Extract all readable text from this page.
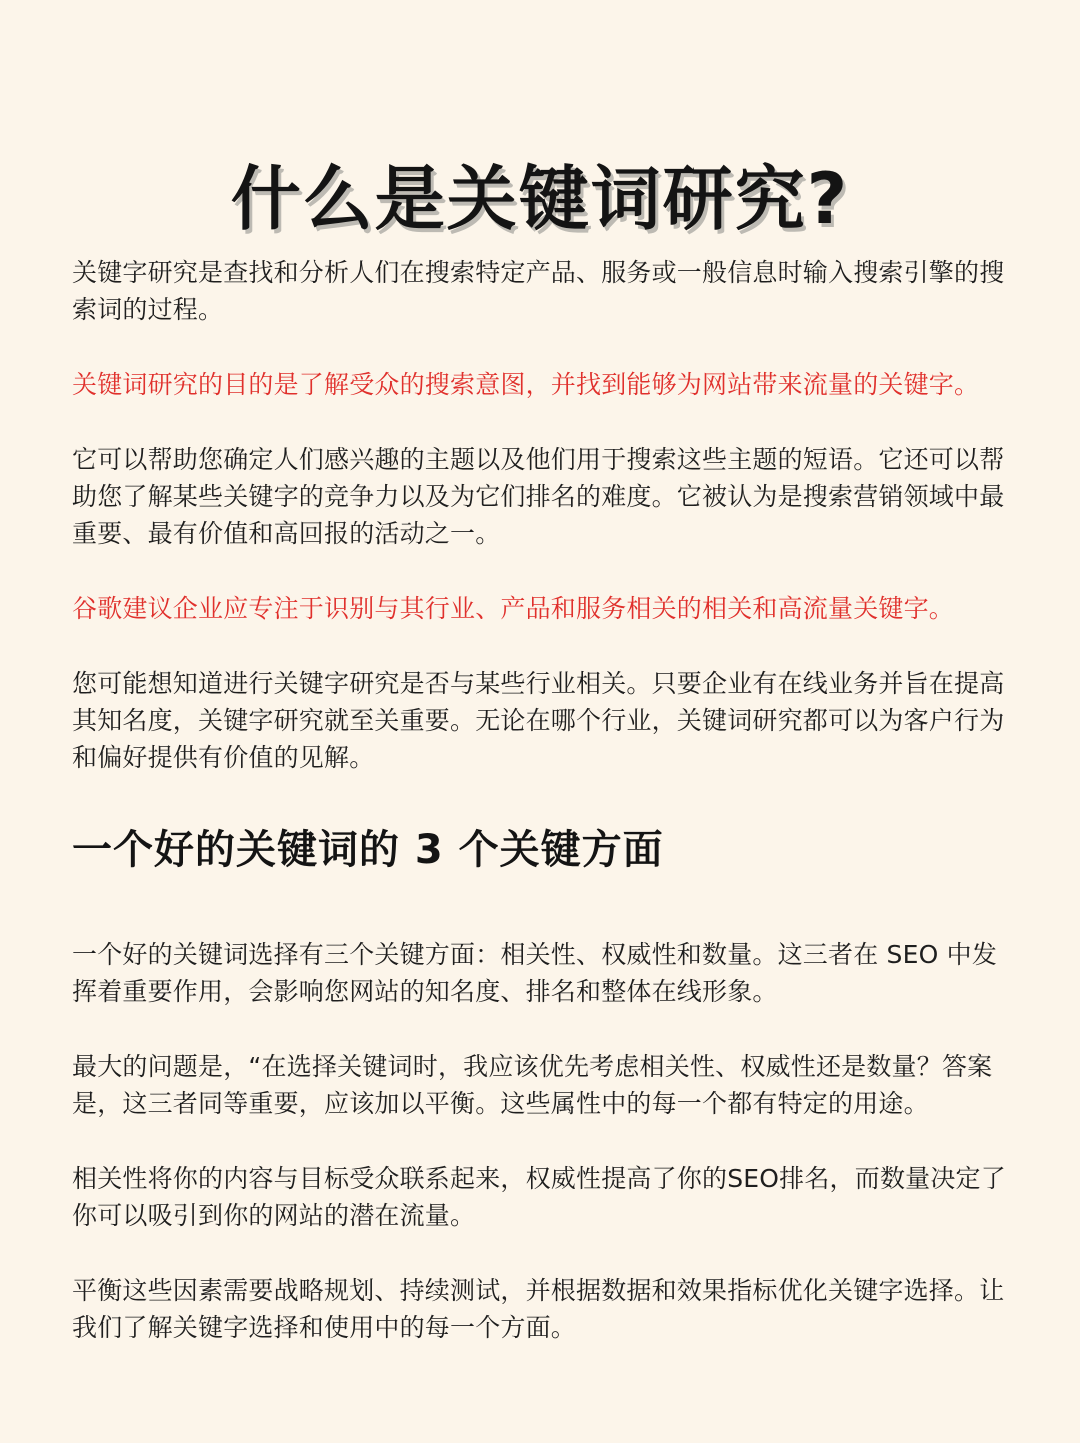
什么是关键词研究?

关键字研究是查找和分析人们在搜索特定产品、服务或一般信息时输入搜索引擎的搜索词的过程。

关键词研究的目的是了解受众的搜索意图，并找到能够为网站带来流量的关键字。

它可以帮助您确定人们感兴趣的主题以及他们用于搜索这些主题的短语。它还可以帮助您了解某些关键字的竞争力以及为它们排名的难度。它被认为是搜索营销领域中最重要、最有价值和高回报的活动之一。

谷歌建议企业应专注于识别与其行业、产品和服务相关的相关和高流量关键字。

您可能想知道进行关键字研究是否与某些行业相关。只要企业有在线业务并旨在提高其知名度，关键字研究就至关重要。无论在哪个行业，关键词研究都可以为客户行为和偏好提供有价值的见解。

一个好的关键词的 3 个关键方面

一个好的关键词选择有三个关键方面：相关性、权威性和数量。这三者在 SEO 中发挥着重要作用，会影响您网站的知名度、排名和整体在线形象。

最大的问题是，“在选择关键词时，我应该优先考虑相关性、权威性还是数量？答案是，这三者同等重要，应该加以平衡。这些属性中的每一个都有特定的用途。

相关性将你的内容与目标受众联系起来，权威性提高了你的SEO排名，而数量决定了你可以吸引到你的网站的潜在流量。

平衡这些因素需要战略规划、持续测试，并根据数据和效果指标优化关键字选择。让我们了解关键字选择和使用中的每一个方面。
